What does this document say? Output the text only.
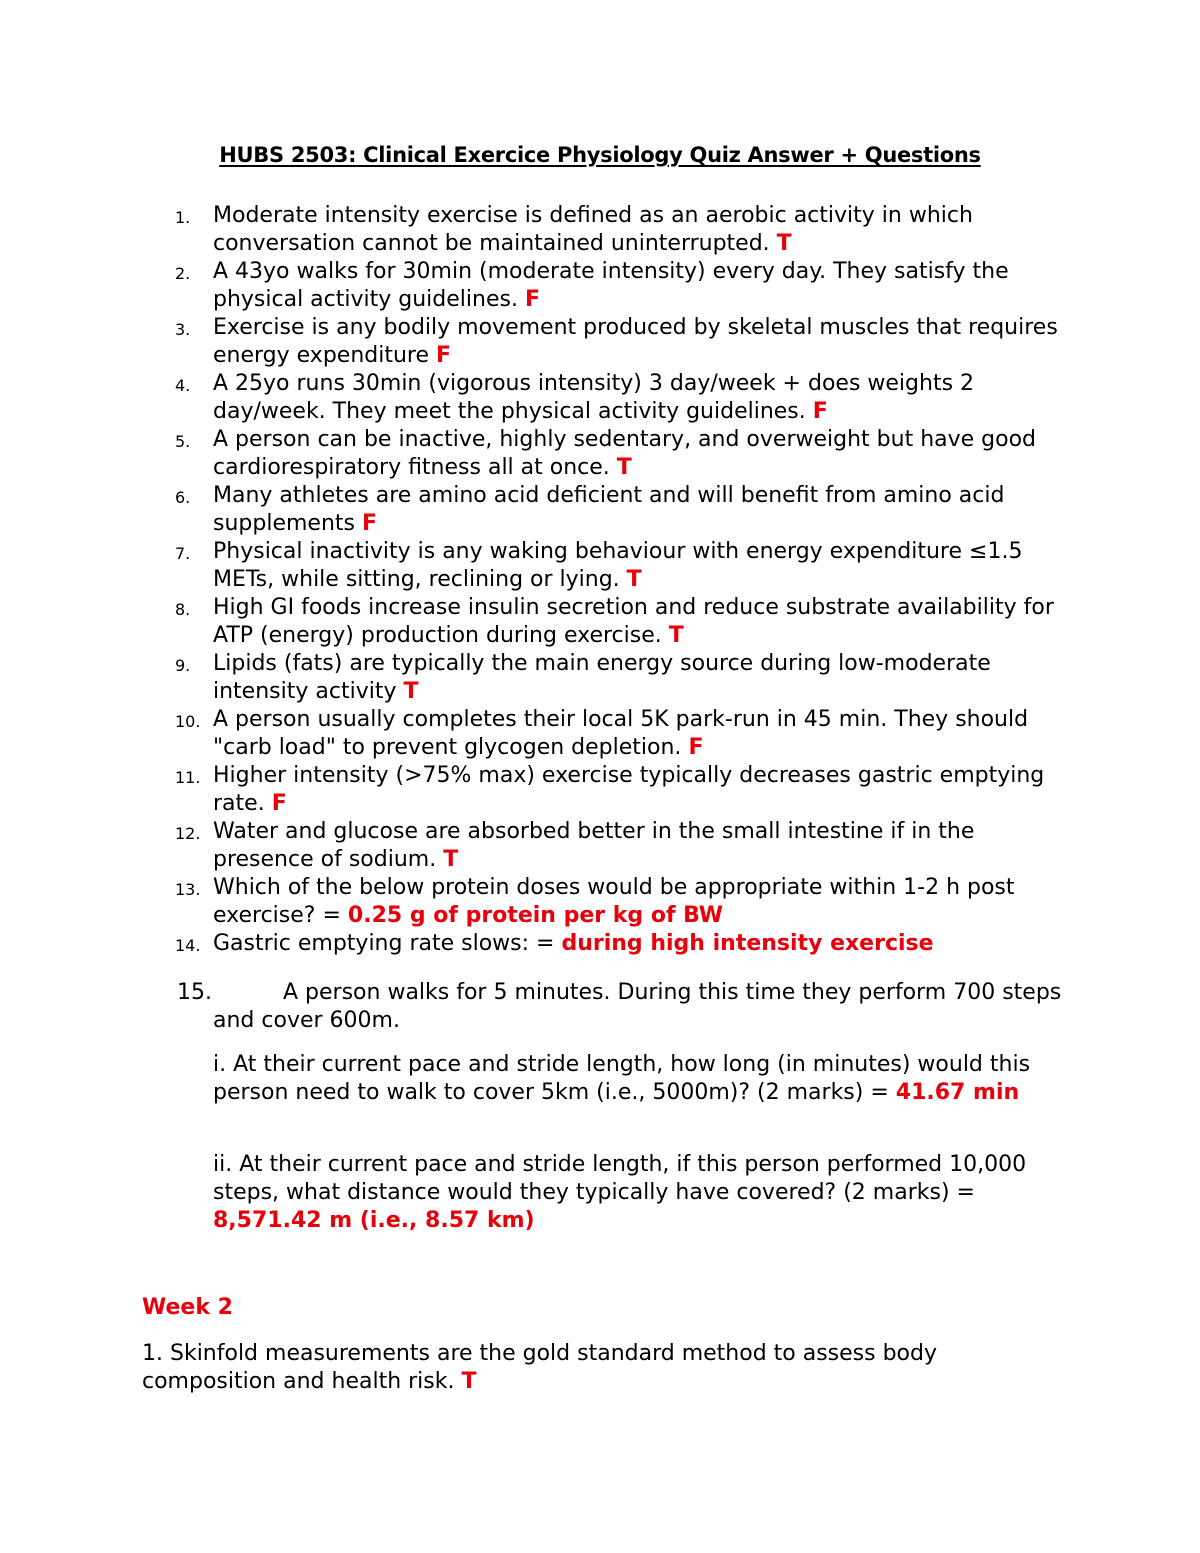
HUBS 2503: Clinical Exercice Physiology Quiz Answer + Questions
1. Moderate intensity exercise is defined as an aerobic activity in which conversation cannot be maintained uninterrupted. T
2. A 43yo walks for 30min (moderate intensity) every day. They satisfy the physical activity guidelines. F
3. Exercise is any bodily movement produced by skeletal muscles that requires energy expenditure F
4. A 25yo runs 30min (vigorous intensity) 3 day/week + does weights 2 day/week. They meet the physical activity guidelines. F
5. A person can be inactive, highly sedentary, and overweight but have good cardiorespiratory fitness all at once. T
6. Many athletes are amino acid deficient and will benefit from amino acid supplements F
7. Physical inactivity is any waking behaviour with energy expenditure ≤1.5 METs, while sitting, reclining or lying. T
8. High GI foods increase insulin secretion and reduce substrate availability for ATP (energy) production during exercise. T
9. Lipids (fats) are typically the main energy source during low-moderate intensity activity T
10. A person usually completes their local 5K park-run in 45 min. They should "carb load" to prevent glycogen depletion. F
11. Higher intensity (>75% max) exercise typically decreases gastric emptying rate. F
12. Water and glucose are absorbed better in the small intestine if in the presence of sodium. T
13. Which of the below protein doses would be appropriate within 1-2 h post exercise? = 0.25 g of protein per kg of BW
14. Gastric emptying rate slows: = during high intensity exercise
15.	A person walks for 5 minutes. During this time they perform 700 steps and cover 600m.
i. At their current pace and stride length, how long (in minutes) would this person need to walk to cover 5km (i.e., 5000m)? (2 marks) = 41.67 min
ii. At their current pace and stride length, if this person performed 10,000 steps, what distance would they typically have covered? (2 marks) = 8,571.42 m (i.e., 8.57 km)
Week 2
1. Skinfold measurements are the gold standard method to assess body composition and health risk. T
